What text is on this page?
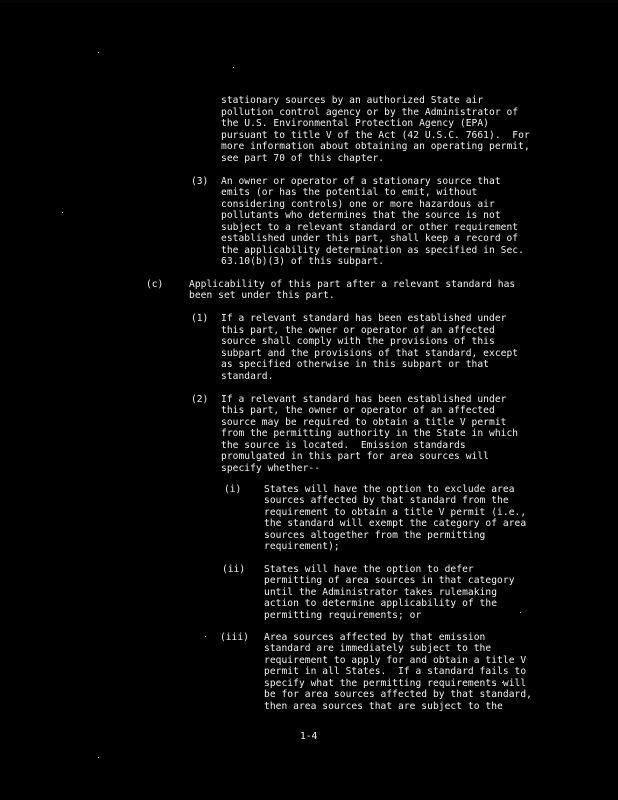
stationary sources by an authorized State air
pollution control agency or by the Administrator of
the U.S. Environmental Protection Agency (EPA)
pursuant to title V of the Act (42 U.S.C. 7661).  For
more information about obtaining an operating permit,
see part 70 of this chapter.
(3) An owner or operator of a stationary source that
emits (or has the potential to emit, without
considering controls) one or more hazardous air
pollutants who determines that the source is not
subject to a relevant standard or other requirement
established under this part, shall keep a record of
the applicability determination as specified in Sec.
63.10(b)(3) of this subpart.
(c)	Applicability of this part after a relevant standard has
been set under this part.
(1) If a relevant standard has been established under
this part, the owner or operator of an affected
source shall comply with the provisions of this
subpart and the provisions of that standard, except
as specified otherwise in this subpart or that
standard.
(2) If a relevant standard has been established under
this part, the owner or operator of an affected
source may be required to obtain a title V permit
from the permitting authority in the State in which
the source is located.  Emission standards
promulgated in this part for area sources will
specify whether--
(i) States will have the option to exclude area
sources affected by that standard from the
requirement to obtain a title V permit (i.e.,
the standard will exempt the category of area
sources altogether from the permitting
requirement);
(ii) States will have the option to defer
permitting of area sources in that category
until the Administrator takes rulemaking
action to determine applicability of the
permitting requirements; or
(iii) Area sources affected by that emission
standard are immediately subject to the
requirement to apply for and obtain a title V
permit in all States.  If a standard fails to
specify what the permitting requirements will
be for area sources affected by that standard,
then area sources that are subject to the
1-4
